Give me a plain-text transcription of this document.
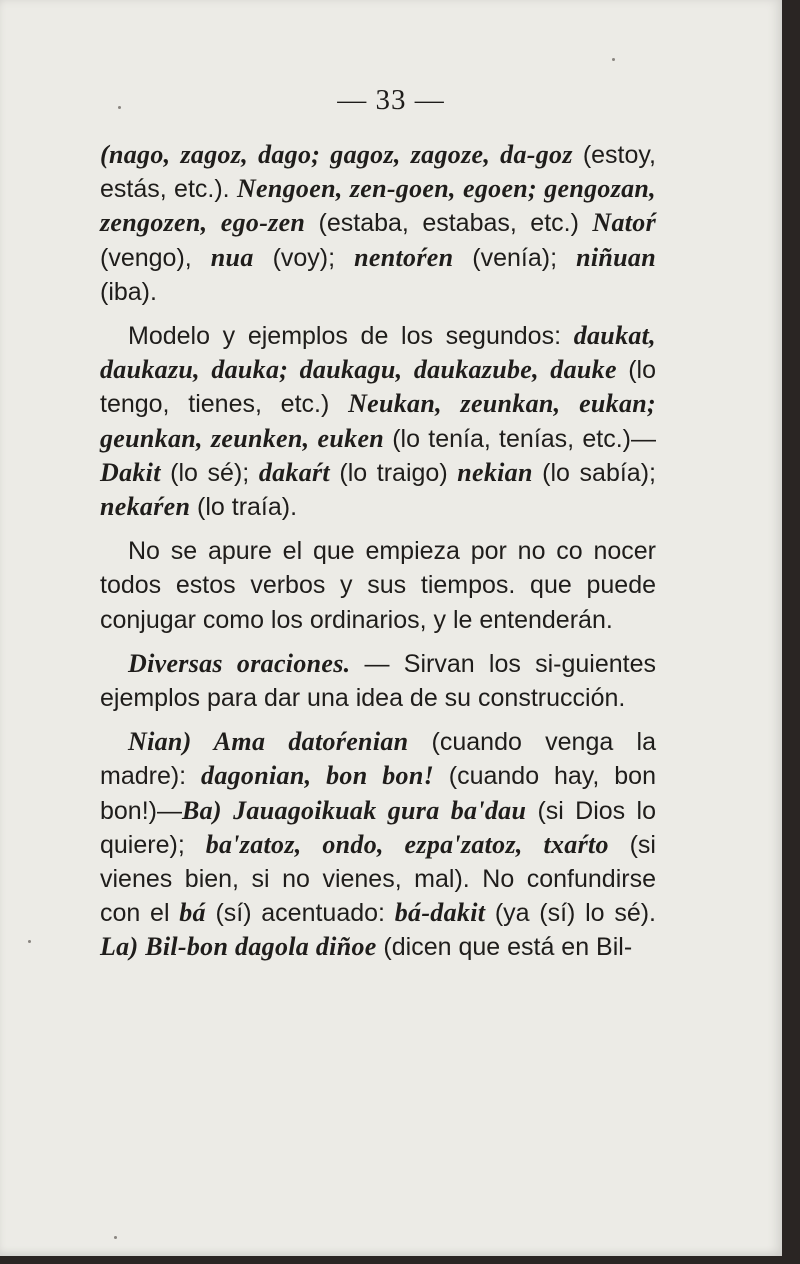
— 33 —

(nago, zagoz, dago; gagoz, zagoze, da-goz (estoy, estás, etc.). Nengoen, zen-goen, egoen; gengozan, zengozen, ego-zen (estaba, estabas, etc.) Natoŕ (vengo), nua (voy); nentoŕen (venía); niñuan (iba).

Modelo y ejemplos de los segundos: daukat, daukazu, dauka; daukagu, daukazube, dauke (lo tengo, tienes, etc.) Neukan, zeunkan, eukan; geunkan, zeunken, euken (lo tenía, tenías, etc.)— Dakit (lo sé); dakaŕt (lo traigo) nekian (lo sabía); nekaŕen (lo traía).

No se apure el que empieza por no co nocer todos estos verbos y sus tiempos. que puede conjugar como los ordinarios, y le entenderán.

Diversas oraciones. — Sirvan los si-guientes ejemplos para dar una idea de su construcción.

Nian) Ama datoŕenian (cuando venga la madre): dagonian, bon bon! (cuando hay, bon bon!)—Ba) Jauagoikuak gura ba'dau (si Dios lo quiere); ba'zatoz, ondo, ezpa'zatoz, txaŕto (si vienes bien, si no vienes, mal). No confundirse con el bá (sí) acentuado: bá-dakit (ya (sí) lo sé). La) Bil-bon dagola diñoe (dicen que está en Bil-
